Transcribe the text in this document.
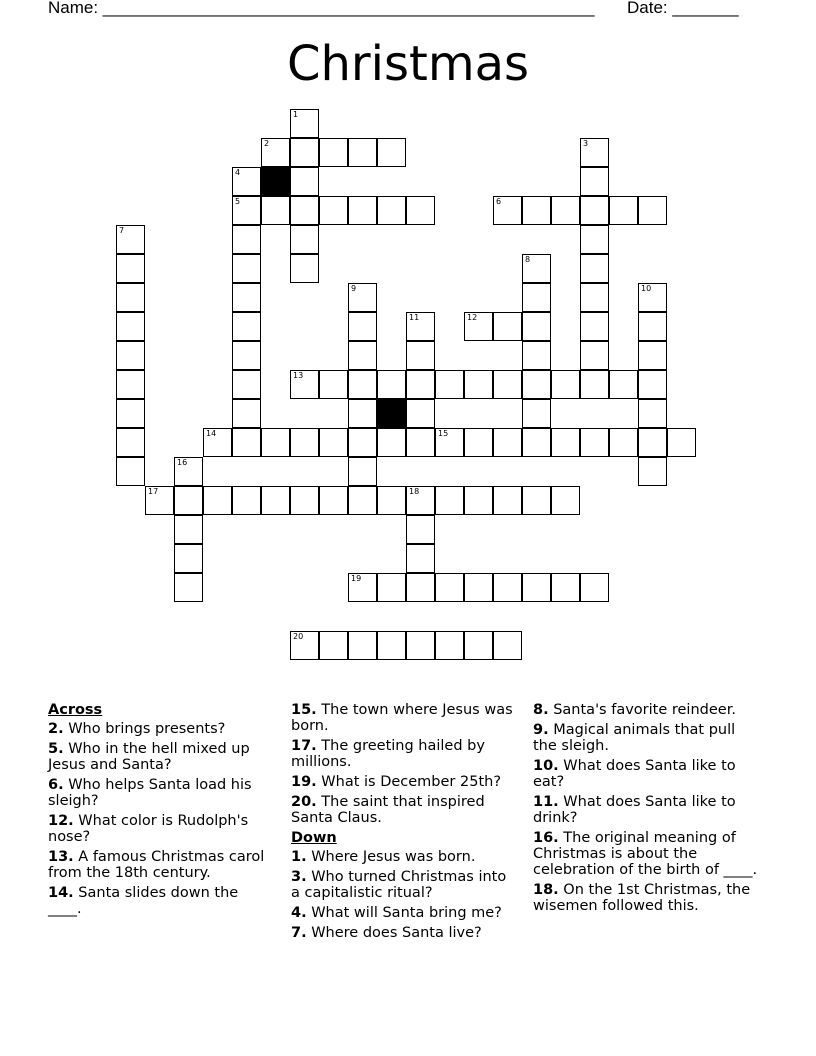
Name: ____________________________________________________ Date: _______
Christmas
2
5	6
12
13
14	15
17	18
19
20
1
3
4
7
8
9	10
11
16
Across
2. Who brings presents?
5. Who in the hell mixed up Jesus and Santa?
6. Who helps Santa load his sleigh?
12. What color is Rudolph's nose?
13. A famous Christmas carol from the 18th century.
14. Santa slides down the ____.
15. The town where Jesus was born.
17. The greeting hailed by millions.
19. What is December 25th?
20. The saint that inspired Santa Claus.
Down
1. Where Jesus was born.
3. Who turned Christmas into a capitalistic ritual?
4. What will Santa bring me?
7. Where does Santa live?
8. Santa's favorite reindeer.
9. Magical animals that pull the sleigh.
10. What does Santa like to eat?
11. What does Santa like to drink?
16. The original meaning of Christmas is about the celebration of the birth of ____.
18. On the 1st Christmas, the wisemen followed this.
